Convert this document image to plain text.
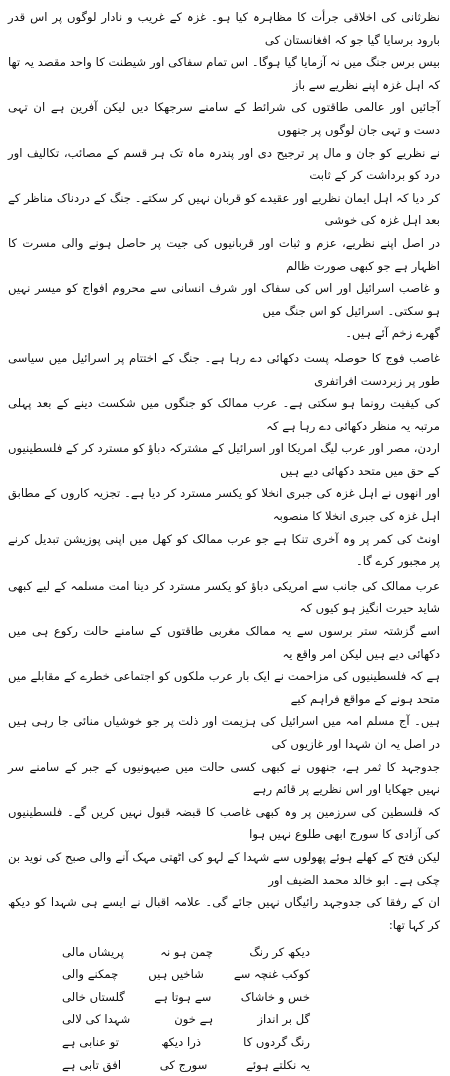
نظرثانی کی اخلاقی جرأت کا مظاہرہ کیا ہو۔ غزہ کے غریب و نادار لوگوں پر اس قدر بارود برسایا گیا جو کہ افغانستان کی
بیس برس جنگ میں نہ آزمایا گیا ہوگا۔ اس تمام سفاکی اور شیطنت کا واحد مقصد یہ تھا کہ اہل غزہ اپنے نظریے سے باز
آجائیں اور عالمی طاقتوں کی شرائط کے سامنے سرجھکا دیں لیکن آفرین ہے ان تہی دست و تہی جان لوگوں پر جنھوں
نے نظریے کو جان و مال پر ترجیح دی اور پندرہ ماہ تک ہر قسم کے مصائب، تکالیف اور درد کو برداشت کر کے ثابت
کر دیا کہ اہل ایمان نظریے اور عقیدے کو قربان نہیں کر سکتے۔ جنگ کے دردناک مناظر کے بعد اہل غزہ کی خوشی
در اصل اپنے نظریے، عزم و ثبات اور قربانیوں کی جیت پر حاصل ہونے والی مسرت کا اظہار ہے جو کبھی صورت ظالم
و غاصب اسرائیل اور اس کی سفاک اور شرف انسانی سے محروم افواج کو میسر نہیں ہو سکتی۔ اسرائیل کو اس جنگ میں
گھرے زخم آئے ہیں۔

غاصب فوج کا حوصلہ پست دکھائی دے رہا ہے۔ جنگ کے اختتام پر اسرائیل میں سیاسی طور پر زبردست افراتفری
کی کیفیت رونما ہو سکتی ہے۔ عرب ممالک کو جنگوں میں شکست دینے کے بعد پہلی مرتبہ یہ منظر دکھائی دے رہا ہے کہ
اردن، مصر اور عرب لیگ امریکا اور اسرائیل کے مشترکہ دباؤ کو مسترد کر کے فلسطینیوں کے حق میں متحد دکھائی دیے ہیں
اور انھوں نے اہل غزہ کی جبری انخلا کو یکسر مسترد کر دیا ہے۔ تجزیہ کاروں کے مطابق اہل غزہ کی جبری انخلا کا منصوبہ
اونٹ کی کمر پر وہ آخری تنکا ہے جو عرب ممالک کو کھل میں اپنی پوزیشن تبدیل کرنے پر مجبور کرے گا۔

عرب ممالک کی جانب سے امریکی دباؤ کو یکسر مسترد کر دینا امت مسلمہ کے لیے کبھی شاید حیرت انگیز ہو کیوں کہ
اسے گزشتہ ستر برسوں سے یہ ممالک مغربی طاقتوں کے سامنے حالت رکوع ہی میں دکھائی دیے ہیں لیکن امر واقع یہ
ہے کہ فلسطینیوں کی مزاحمت نے ایک بار عرب ملکوں کو اجتماعی خطرے کے مقابلے میں متحد ہونے کے مواقع فراہم کیے
ہیں۔ آج مسلم امہ میں اسرائیل کی ہزیمت اور ذلت پر جو خوشیاں منائی جا رہی ہیں در اصل یہ ان شہدا اور غازیوں کی
جدوجہد کا ثمر ہے، جنھوں نے کبھی کسی حالت میں صیہونیوں کے جبر کے سامنے سر نہیں جھکایا اور اس نظریے پر قائم رہے
کہ فلسطین کی سرزمین پر وہ کبھی غاصب کا قبضہ قبول نہیں کریں گے۔ فلسطینیوں کی آزادی کا سورج ابھی طلوع نہیں ہوا
لیکن فتح کے کھلے ہوئے پھولوں سے شہدا کے لہو کی اٹھتی مہک آنے والی صبح کی نوید بن چکی ہے۔ ابو خالد محمد الضیف اور
ان کے رفقا کی جدوجہد رائیگاں نہیں جائے گی۔ علامہ اقبال نے ایسے ہی شہدا کو دیکھ کر کہا تھا:

دیکھ کر رنگ
چمن ہو نہ
پریشاں مالی
کوکب غنچہ سے
شاخیں ہیں
چمکنے والی
خس و خاشاک
سے ہوتا ہے
گلستاں خالی
گل بر انداز
ہے خون
شہدا کی لالی
رنگ گردوں کا
ذرا دیکھ
تو عنابی ہے
یہ نکلتے ہوئے
سورج کی
افق تابی ہے
